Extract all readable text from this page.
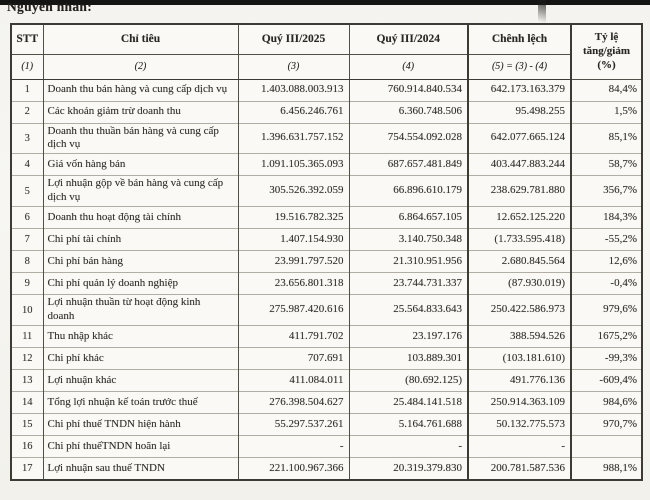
Nguyên nhân:
STT	Chỉ tiêu	Quý III/2025	Quý III/2024	Chênh lệch	Tỷ lệ tăng/giảm (%)
(1)	(2)	(3)	(4)	(5) = (3) - (4)	
1	Doanh thu bán hàng và cung cấp dịch vụ	1.403.088.003.913	760.914.840.534	642.173.163.379	84,4%
2	Các khoản giảm trừ doanh thu	6.456.246.761	6.360.748.506	95.498.255	1,5%
3	Doanh thu thuần bán hàng và cung cấp dịch vụ	1.396.631.757.152	754.554.092.028	642.077.665.124	85,1%
4	Giá vốn hàng bán	1.091.105.365.093	687.657.481.849	403.447.883.244	58,7%
5	Lợi nhuận gộp về bán hàng và cung cấp dịch vụ	305.526.392.059	66.896.610.179	238.629.781.880	356,7%
6	Doanh thu hoạt động tài chính	19.516.782.325	6.864.657.105	12.652.125.220	184,3%
7	Chi phí tài chính	1.407.154.930	3.140.750.348	(1.733.595.418)	-55,2%
8	Chi phí bán hàng	23.991.797.520	21.310.951.956	2.680.845.564	12,6%
9	Chi phí quản lý doanh nghiệp	23.656.801.318	23.744.731.337	(87.930.019)	-0,4%
10	Lợi nhuận thuần từ hoạt động kinh doanh	275.987.420.616	25.564.833.643	250.422.586.973	979,6%
11	Thu nhập khác	411.791.702	23.197.176	388.594.526	1675,2%
12	Chi phí khác	707.691	103.889.301	(103.181.610)	-99,3%
13	Lợi nhuận khác	411.084.011	(80.692.125)	491.776.136	-609,4%
14	Tổng lợi nhuận kế toán trước thuế	276.398.504.627	25.484.141.518	250.914.363.109	984,6%
15	Chi phí thuế TNDN hiện hành	55.297.537.261	5.164.761.688	50.132.775.573	970,7%
16	Chi phí thuếTNDN hoãn lại	-	-	-	
17	Lợi nhuận sau thuế TNDN	221.100.967.366	20.319.379.830	200.781.587.536	988,1%
